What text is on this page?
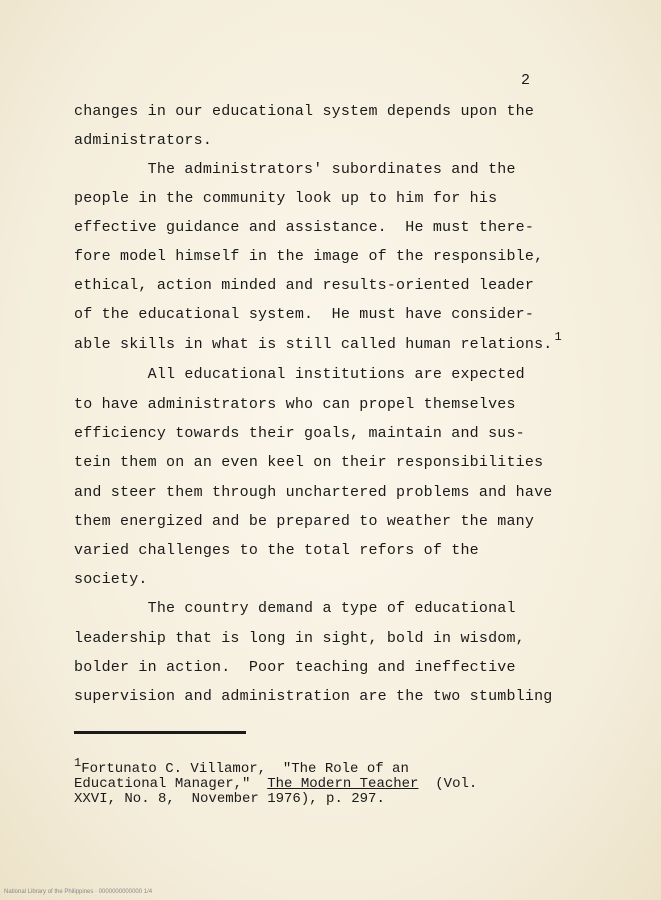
2
changes in our educational system depends upon the
administrators.
The administrators' subordinates and the
people in the community look up to him for his
effective guidance and assistance.  He must there-
fore model himself in the image of the responsible,
ethical, action minded and results-oriented leader
of the educational system.  He must have consider-
able skills in what is still called human relations. $^1$
All educational institutions are expected
to have administrators who can propel themselves
efficiency towards their goals, maintain and sus-
tein them on an even keel on their responsibilities
and steer them through unchartered problems and have
them energized and be prepared to weather the many
varied challenges to the total refors of the
society.
The country demand a type of educational
leadership that is long in sight, bold in wisdom,
bolder in action.  Poor teaching and ineffective
supervision and administration are the two stumbling
1Fortunato C. Villamor,  "The Role of an
Educational Manager,"  The Modern Teacher  (Vol.
XXVI, No. 8,  November 1976), p. 297.
National Library of the Philippines · 0000000000000 1/4
